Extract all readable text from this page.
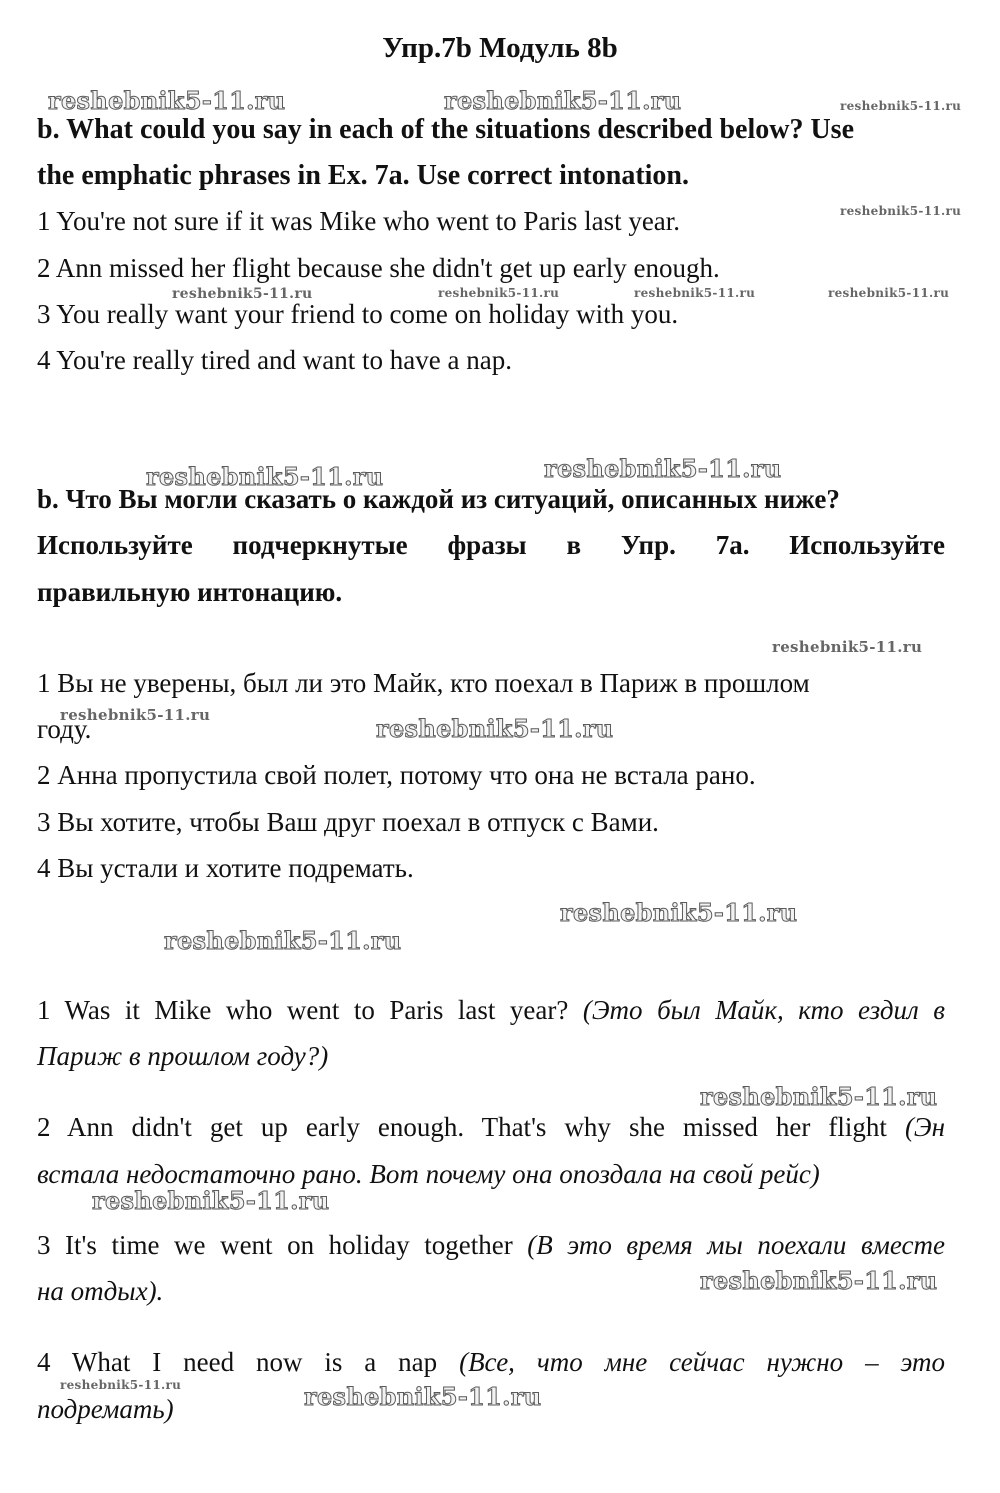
Упр.7b Модуль 8b
b. What could you say in each of the situations described below? Use
the emphatic phrases in Ex. 7a. Use correct intonation.
1 You're not sure if it was Mike who went to Paris last year.
2 Ann missed her flight because she didn't get up early enough.
3 You really want your friend to come on holiday with you.
4 You're really tired and want to have a nap.
b. Что Вы могли сказать о каждой из ситуаций, описанных ниже?
Используйте подчеркнутые фразы в Упр. 7а. Используйте
правильную интонацию.
1 Вы не уверены, был ли это Майк, кто поехал в Париж в прошлом
году.
2 Анна пропустила свой полет, потому что она не встала рано.
3 Вы хотите, чтобы Ваш друг поехал в отпуск с Вами.
4 Вы устали и хотите подремать.
1 Was it Mike who went to Paris last year? (Это был Майк, кто ездил в
Париж в прошлом году?)
2 Ann didn't get up early enough. That's why she missed her flight (Эн
встала недостаточно рано. Вот почему она опоздала на свой рейс)
3 It's time we went on holiday together (В это время мы поехали вместе
на отдых).
4 What I need now is a nap (Все, что мне сейчас нужно – это
подремать)
reshebnik5-11.ru	reshebnik5-11.ru	reshebnik5-11.ru
reshebnik5-11.ru
reshebnik5-11.ru	reshebnik5-11.ru	reshebnik5-11.ru	reshebnik5-11.ru
reshebnik5-11.ru	reshebnik5-11.ru
reshebnik5-11.ru
reshebnik5-11.ru	reshebnik5-11.ru
reshebnik5-11.ru
reshebnik5-11.ru
reshebnik5-11.ru
reshebnik5-11.ru
reshebnik5-11.ru
reshebnik5-11.ru	reshebnik5-11.ru
